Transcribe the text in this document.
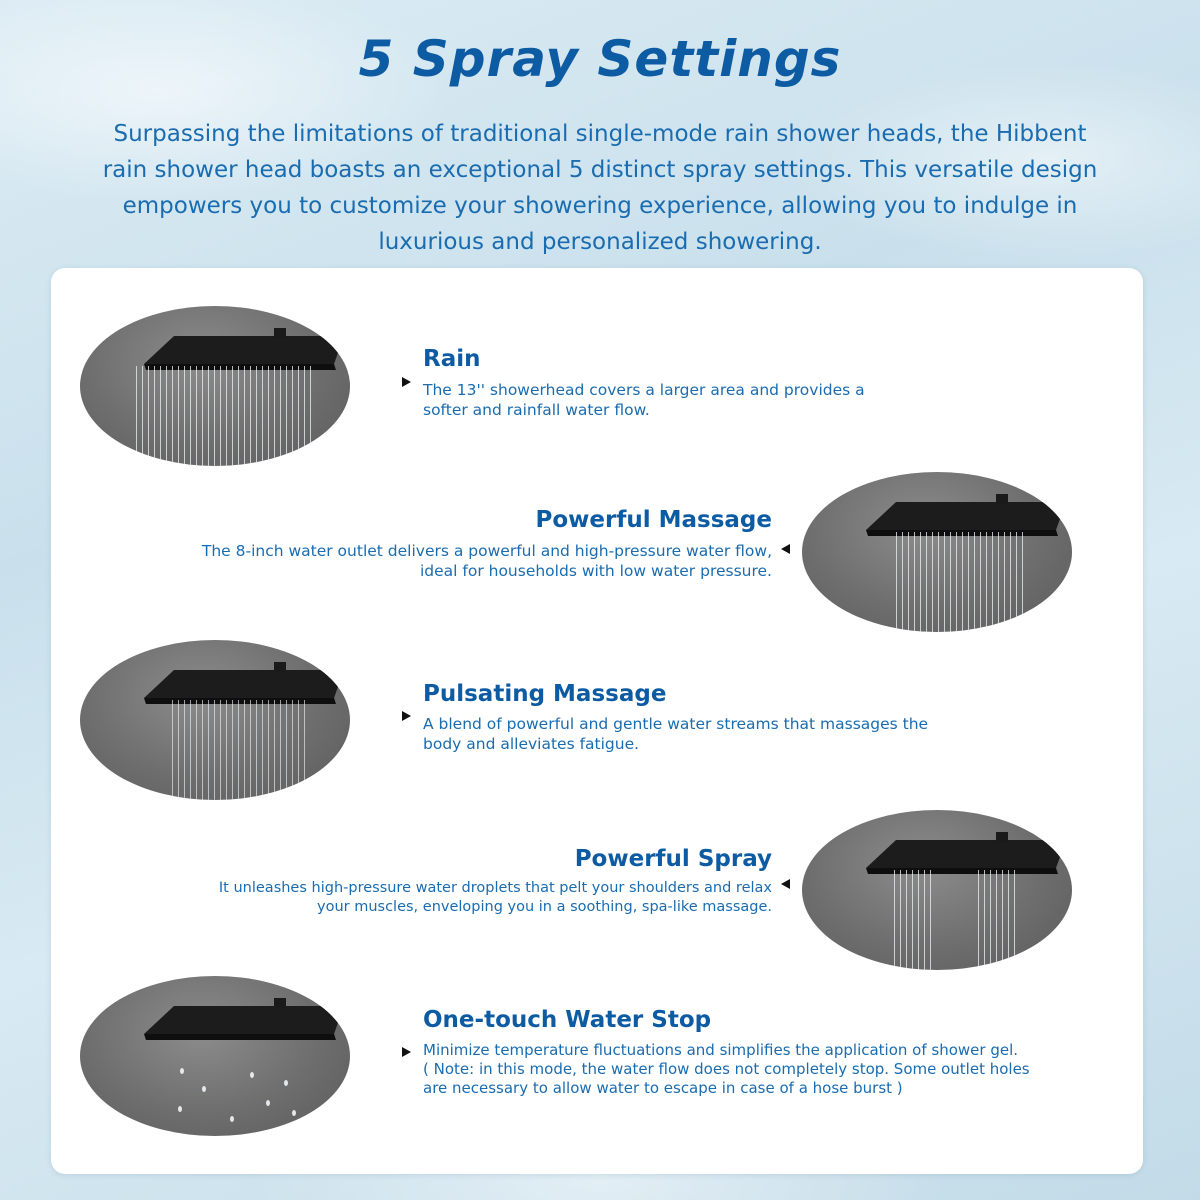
5 Spray Settings
Surpassing the limitations of traditional single-mode rain shower heads, the Hibbent
rain shower head boasts an exceptional 5 distinct spray settings. This versatile design
empowers you to customize your showering experience, allowing you to indulge in
luxurious and personalized showering.
Rain
The 13'' showerhead covers a larger area and provides a
softer and rainfall water flow.
Powerful Massage
The 8-inch water outlet delivers a powerful and high-pressure water flow,
ideal for households with low water pressure.
Pulsating Massage
A blend of powerful and gentle water streams that massages the
body and alleviates fatigue.
Powerful Spray
It unleashes high-pressure water droplets that pelt your shoulders and relax
your muscles, enveloping you in a soothing, spa-like massage.
One-touch Water Stop
Minimize temperature fluctuations and simplifies the application of shower gel.
( Note: in this mode, the water flow does not completely stop. Some outlet holes
are necessary to allow water to escape in case of a hose burst )
